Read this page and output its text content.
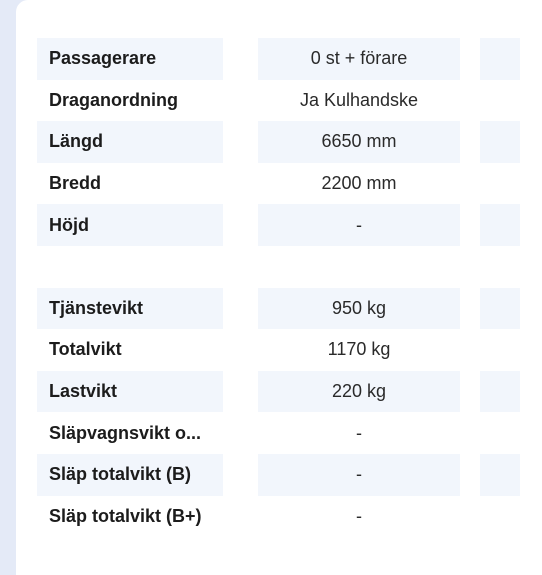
Passagerare	0 st + förare
Draganordning	Ja Kulhandske
Längd	6650 mm
Bredd	2200 mm
Höjd	-
Tjänstevikt	950 kg
Totalvikt	1170 kg
Lastvikt	220 kg
Släpvagnsvikt o...	-
Släp totalvikt (B)	-
Släp totalvikt (B+)	-
